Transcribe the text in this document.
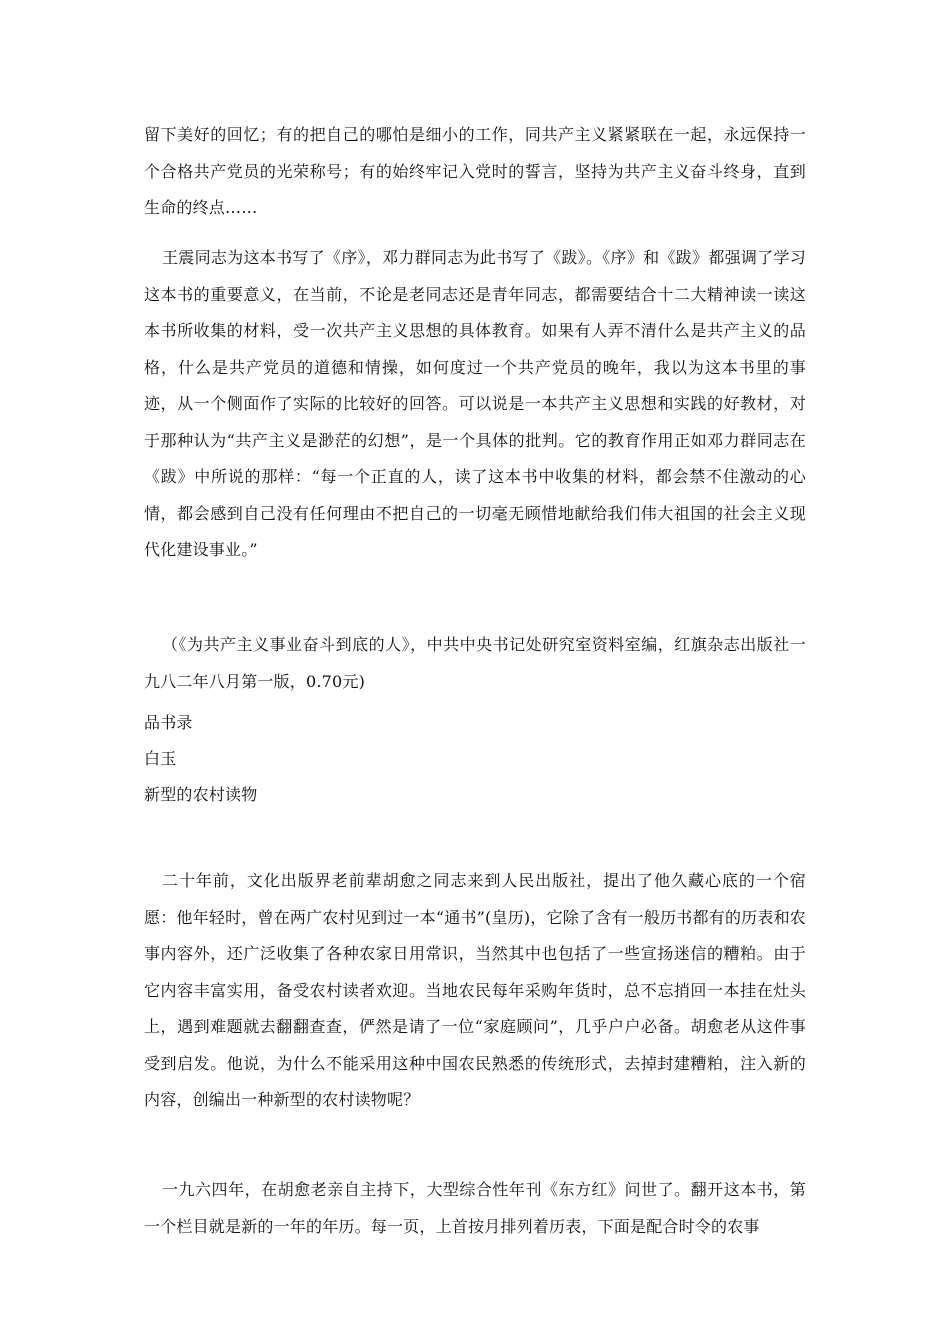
留下美好的回忆；有的把自己的哪怕是细小的工作，同共产主义紧紧联在一起，永远保持一个合格共产党员的光荣称号；有的始终牢记入党时的誓言，坚持为共产主义奋斗终身，直到生命的终点……

王震同志为这本书写了《序》，邓力群同志为此书写了《跋》。《序》和《跋》都强调了学习这本书的重要意义，在当前，不论是老同志还是青年同志，都需要结合十二大精神读一读这本书所收集的材料，受一次共产主义思想的具体教育。如果有人弄不清什么是共产主义的品格，什么是共产党员的道德和情操，如何度过一个共产党员的晚年，我以为这本书里的事迹，从一个侧面作了实际的比较好的回答。可以说是一本共产主义思想和实践的好教材，对于那种认为“共产主义是渺茫的幻想”，是一个具体的批判。它的教育作用正如邓力群同志在《跋》中所说的那样：“每一个正直的人，读了这本书中收集的材料，都会禁不住激动的心情，都会感到自己没有任何理由不把自己的一切毫无顾惜地献给我们伟大祖国的社会主义现代化建设事业。”

（《为共产主义事业奋斗到底的人》，中共中央书记处研究室资料室编，红旗杂志出版社一九八二年八月第一版，0.70元)

品书录

白玉

新型的农村读物

二十年前，文化出版界老前辈胡愈之同志来到人民出版社，提出了他久藏心底的一个宿愿：他年轻时，曾在两广农村见到过一本“通书”(皇历)，它除了含有一般历书都有的历表和农事内容外，还广泛收集了各种农家日用常识，当然其中也包括了一些宣扬迷信的糟粕。由于它内容丰富实用，备受农村读者欢迎。当地农民每年采购年货时，总不忘捎回一本挂在灶头上，遇到难题就去翻翻查查，俨然是请了一位“家庭顾问”，几乎户户必备。胡愈老从这件事受到启发。他说，为什么不能采用这种中国农民熟悉的传统形式，去掉封建糟粕，注入新的内容，创编出一种新型的农村读物呢？

一九六四年，在胡愈老亲自主持下，大型综合性年刊《东方红》问世了。翻开这本书，第一个栏目就是新的一年的年历。每一页，上首按月排列着历表，下面是配合时令的农事
